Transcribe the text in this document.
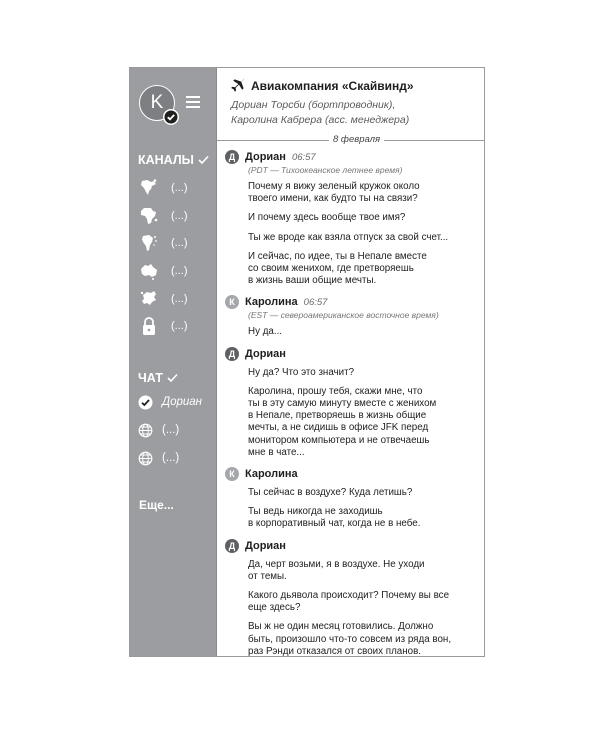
K
КАНАЛЫ
(...)
(...)
(...)
(...)
(...)
(...)
ЧАТ
Дориан
(...)
(...)
Еще...
Авиакомпания «Скайвинд»
Дориан Торсби (бортпроводник),
Каролина Кабрера (асс. менеджера)
8 февраля
Д Дориан 06:57
(PDT — Тихоокеанское летнее время)
Почему я вижу зеленый кружок около
твоего имени, как будто ты на связи?
И почему здесь вообще твое имя?
Ты же вроде как взяла отпуск за свой счет...
И сейчас, по идее, ты в Непале вместе
со своим женихом, где претворяешь
в жизнь ваши общие мечты.
К Каролина 06:57
(EST — североамериканское восточное время)
Ну да...
Д Дориан
Ну да? Что это значит?
Каролина, прошу тебя, скажи мне, что
ты в эту самую минуту вместе с женихом
в Непале, претворяешь в жизнь общие
мечты, а не сидишь в офисе JFK перед
монитором компьютера и не отвечаешь
мне в чате...
К Каролина
Ты сейчас в воздухе? Куда летишь?
Ты ведь никогда не заходишь
в корпоративный чат, когда не в небе.
Д Дориан
Да, черт возьми, я в воздухе. Не уходи
от темы.
Какого дьявола происходит? Почему вы все
еще здесь?
Вы ж не один месяц готовились. Должно
быть, произошло что-то совсем из ряда вон,
раз Рэнди отказался от своих планов.
